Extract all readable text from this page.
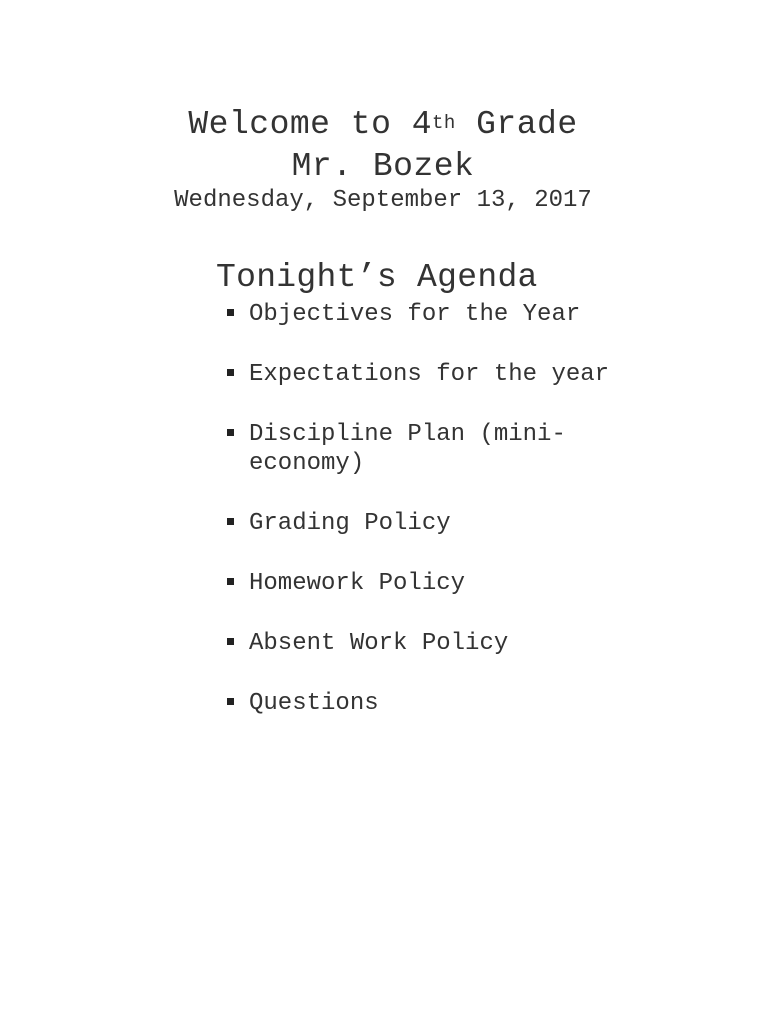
Welcome to 4th Grade
Mr. Bozek

Wednesday, September 13, 2017

Tonight’s Agenda
Objectives for the Year
Expectations for the year
Discipline Plan (mini-economy)
Grading Policy
Homework Policy
Absent Work Policy
Questions
